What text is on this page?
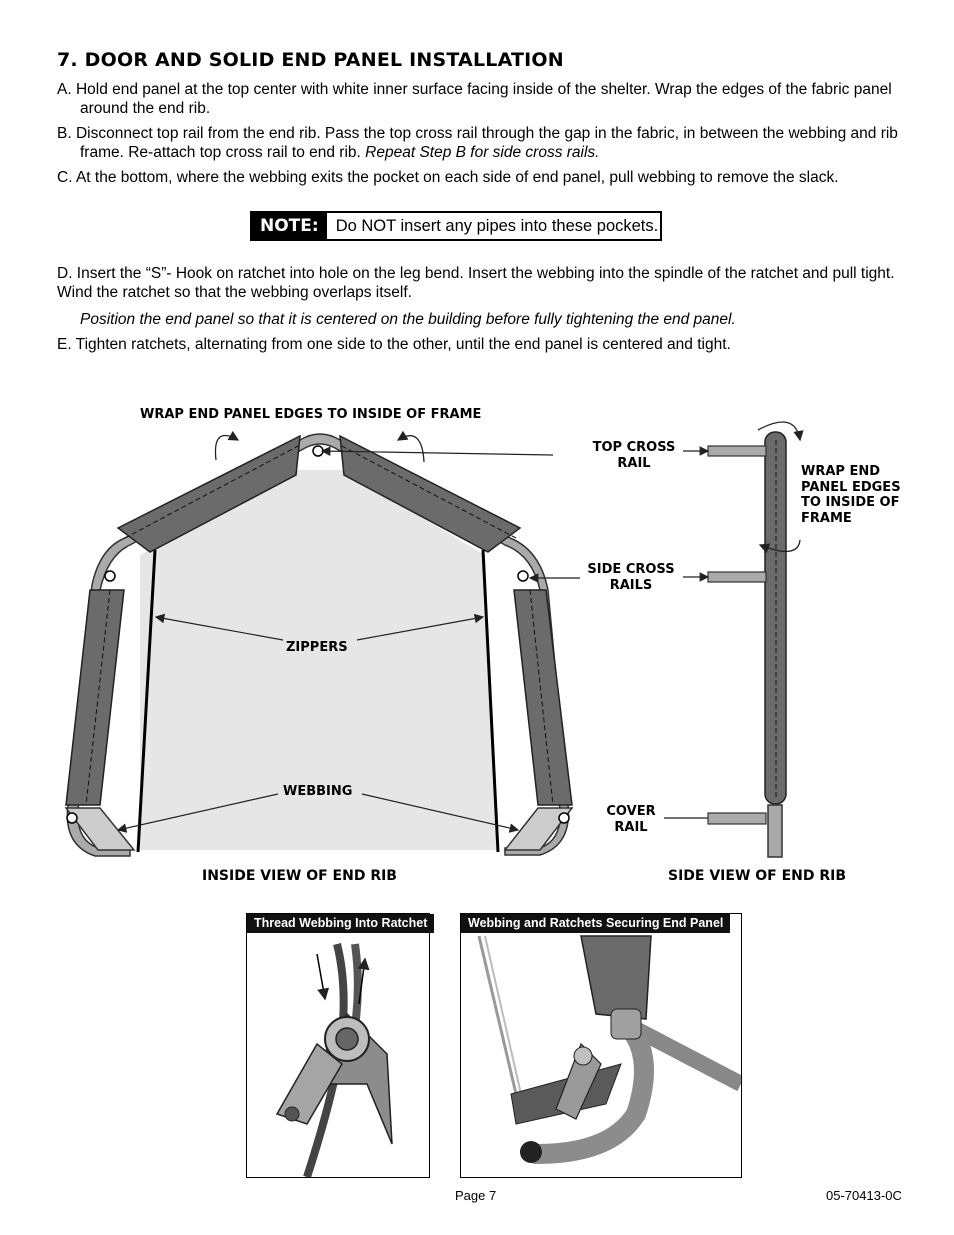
7. DOOR AND SOLID END PANEL INSTALLATION

A. Hold end panel at the top center with white inner surface facing inside of the shelter. Wrap the edges of the fabric panel around the end rib.

B. Disconnect top rail from the end rib. Pass the top cross rail through the gap in the fabric, in between the webbing and rib frame. Re-attach top cross rail to end rib. Repeat Step B for side cross rails.

C. At the bottom, where the webbing exits the pocket on each side of end panel, pull webbing to remove the slack.

NOTE:	Do NOT insert any pipes into these pockets.

D. Insert the “S”- Hook on ratchet into hole on the leg bend. Insert the webbing into the spindle of the ratchet and pull tight. Wind the ratchet so that the webbing overlaps itself.

Position the end panel so that it is centered on the building before fully tightening the end panel.

E. Tighten ratchets, alternating from one side to the other, until the end panel is centered and tight.

WRAP END PANEL EDGES TO INSIDE OF FRAME
ZIPPERS
WEBBING
TOP CROSS
RAIL
SIDE CROSS
RAILS
COVER
RAIL
WRAP END
PANEL EDGES
TO INSIDE OF
FRAME
INSIDE VIEW OF END RIB	SIDE VIEW OF END RIB
Thread Webbing Into Ratchet	Webbing and Ratchets Securing End Panel
Page 7	05-70413-0C
